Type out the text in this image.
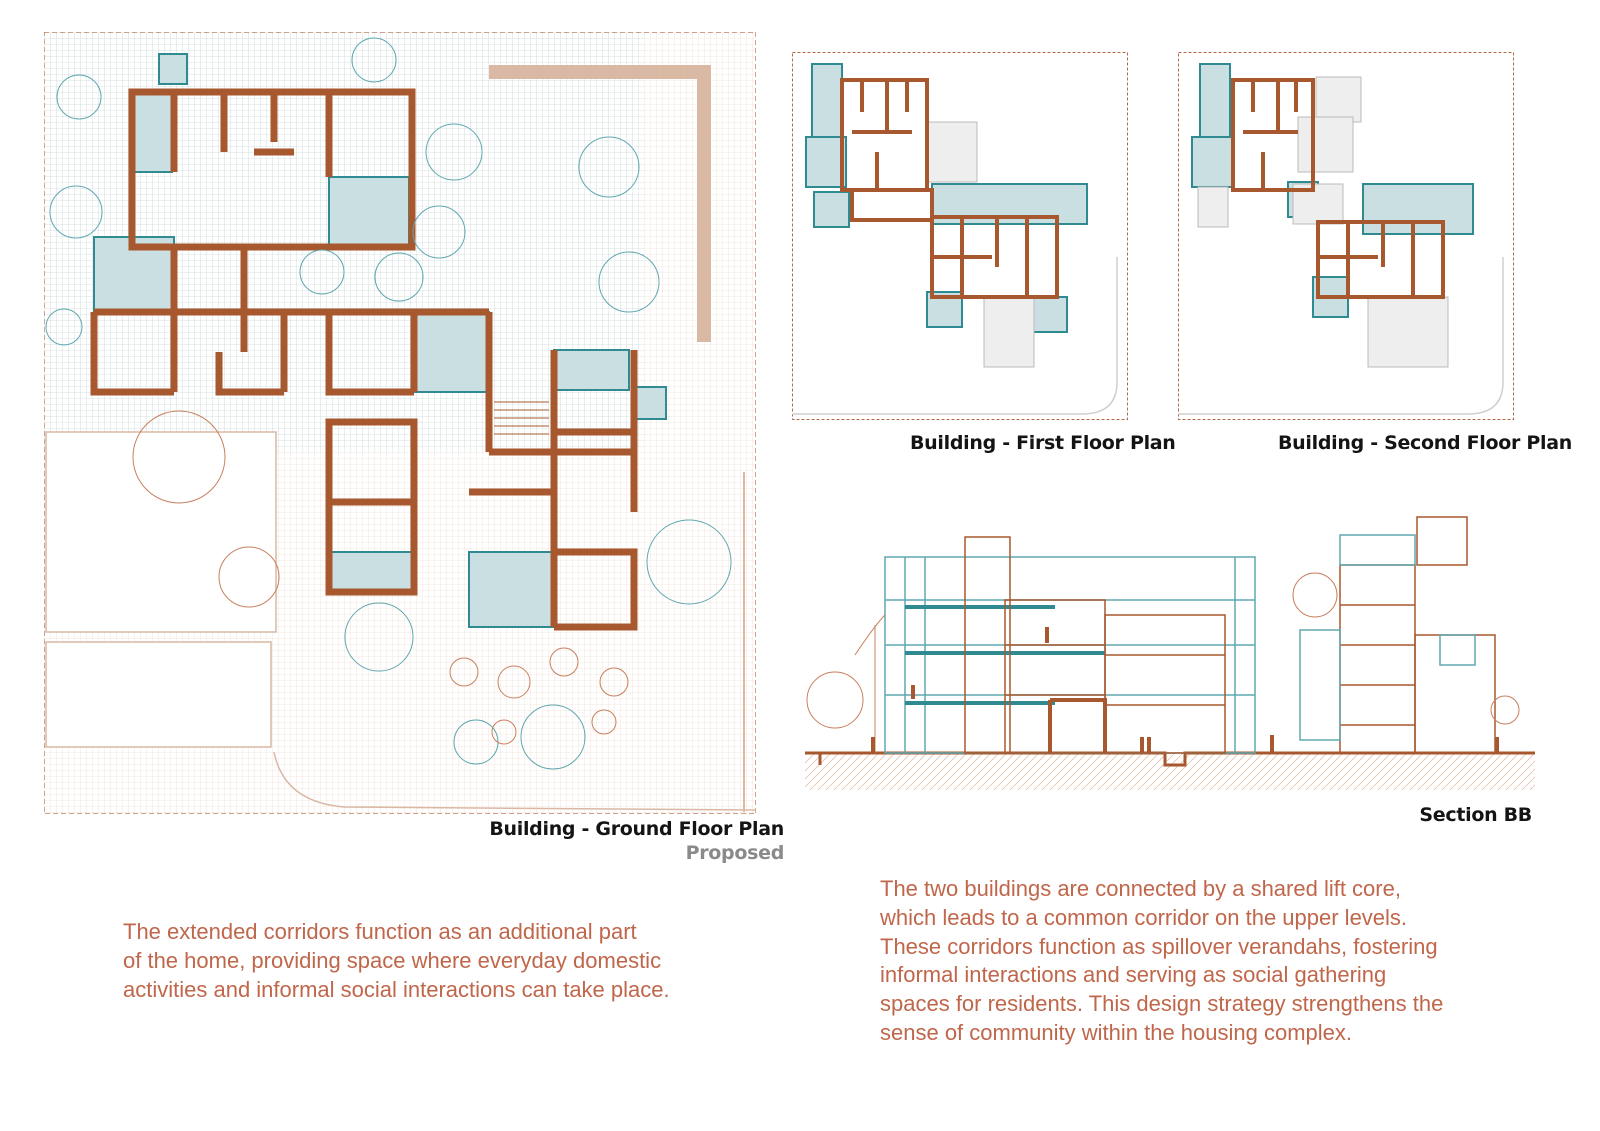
Building - Ground Floor Plan
Proposed
Building - First Floor Plan	Building - Second Floor Plan
Section BB
The extended corridors function as an additional part
of the home, providing space where everyday domestic
activities and informal social interactions can take place.
The two buildings are connected by a shared lift core,
which leads to a common corridor on the upper levels.
These corridors function as spillover verandahs, fostering
informal interactions and serving as social gathering
spaces for residents. This design strategy strengthens the
sense of community within the housing complex.
